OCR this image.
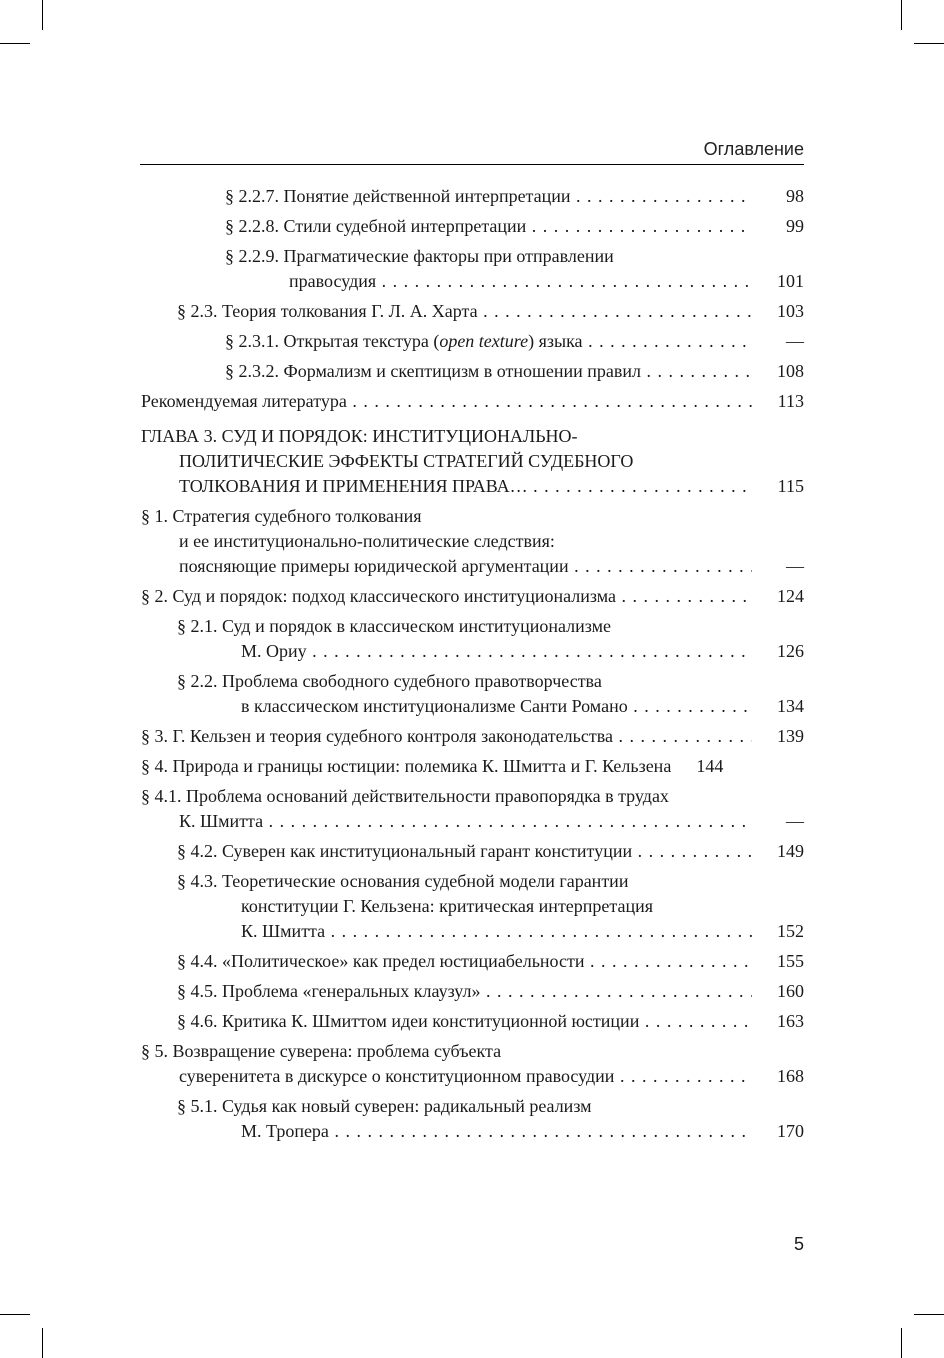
Оглавление
§ 2.2.7. Понятие действенной интерпретации . . .	98
§ 2.2.8. Стили судебной интерпретации . . .	99
§ 2.2.9. Прагматические факторы при отправлении
правосудия . . .	101
§ 2.3. Теория толкования Г. Л. А. Харта . . .	103
§ 2.3.1. Открытая текстура (open texture) языка . . .	—
§ 2.3.2. Формализм и скептицизм в отношении правил . . .	108
Рекомендуемая литература . . .	113
ГЛАВА 3. СУД И ПОРЯДОК: ИНСТИТУЦИОНАЛЬНО-
ПОЛИТИЧЕСКИЕ ЭФФЕКТЫ СТРАТЕГИЙ СУДЕБНОГО
ТОЛКОВАНИЯ И ПРИМЕНЕНИЯ ПРАВА… . . .	115
§ 1. Стратегия судебного толкования
и ее институционально-политические следствия:
поясняющие примеры юридической аргументации . . .	—
§ 2. Суд и порядок: подход классического институционализма . . .	124
§ 2.1. Суд и порядок в классическом институционализме
М. Ориу . . .	126
§ 2.2. Проблема свободного судебного правотворчества
в классическом институционализме Санти Романо . . .	134
§ 3. Г. Кельзен и теория судебного контроля законодательства . . .	139
§ 4. Природа и границы юстиции: полемика К. Шмитта и Г. Кельзена	144
§ 4.1. Проблема оснований действительности правопорядка в трудах
К. Шмитта . . .	—
§ 4.2. Суверен как институциональный гарант конституции . . .	149
§ 4.3. Теоретические основания судебной модели гарантии
конституции Г. Кельзена: критическая интерпретация
К. Шмитта . . .	152
§ 4.4. «Политическое» как предел юстициабельности . . .	155
§ 4.5. Проблема «генеральных клаузул» . . .	160
§ 4.6. Критика К. Шмиттом идеи конституционной юстиции . . .	163
§ 5. Возвращение суверена: проблема субъекта
суверенитета в дискурсе о конституционном правосудии . . .	168
§ 5.1. Судья как новый суверен: радикальный реализм
М. Тропера . . .	170
5
